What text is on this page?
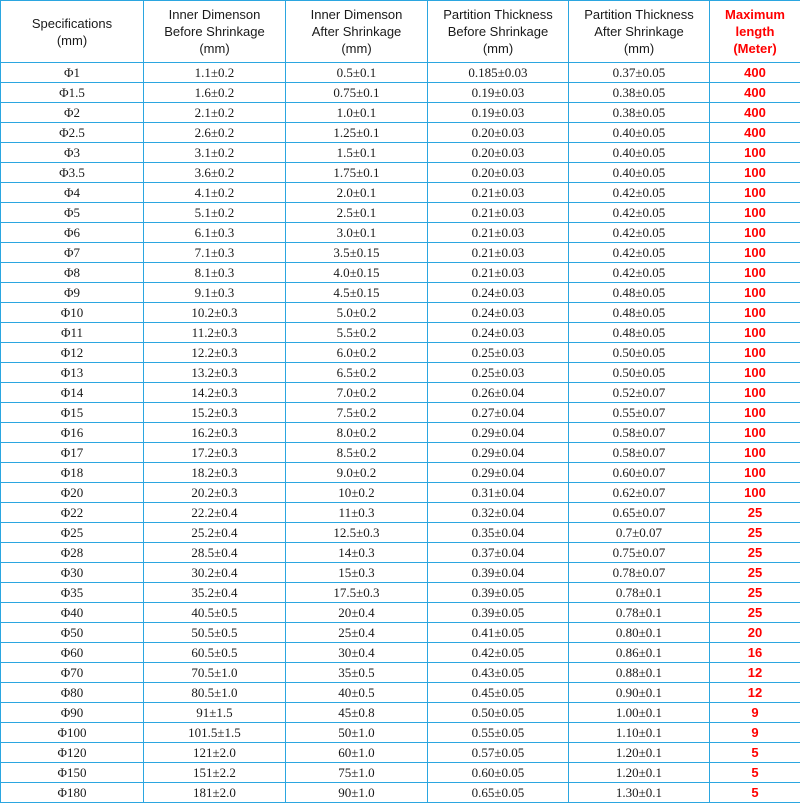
Specifications
(mm)	Inner Dimenson
Before Shrinkage
(mm)	Inner Dimenson
After Shrinkage
(mm)	Partition Thickness
Before Shrinkage
(mm)	Partition Thickness
After Shrinkage
(mm)	Maximum
length
(Meter)

Φ1	1.1±0.2	0.5±0.1	0.185±0.03	0.37±0.05	400
Φ1.5	1.6±0.2	0.75±0.1	0.19±0.03	0.38±0.05	400
Φ2	2.1±0.2	1.0±0.1	0.19±0.03	0.38±0.05	400
Φ2.5	2.6±0.2	1.25±0.1	0.20±0.03	0.40±0.05	400
Φ3	3.1±0.2	1.5±0.1	0.20±0.03	0.40±0.05	100
Φ3.5	3.6±0.2	1.75±0.1	0.20±0.03	0.40±0.05	100
Φ4	4.1±0.2	2.0±0.1	0.21±0.03	0.42±0.05	100
Φ5	5.1±0.2	2.5±0.1	0.21±0.03	0.42±0.05	100
Φ6	6.1±0.3	3.0±0.1	0.21±0.03	0.42±0.05	100
Φ7	7.1±0.3	3.5±0.15	0.21±0.03	0.42±0.05	100
Φ8	8.1±0.3	4.0±0.15	0.21±0.03	0.42±0.05	100
Φ9	9.1±0.3	4.5±0.15	0.24±0.03	0.48±0.05	100
Φ10	10.2±0.3	5.0±0.2	0.24±0.03	0.48±0.05	100
Φ11	11.2±0.3	5.5±0.2	0.24±0.03	0.48±0.05	100
Φ12	12.2±0.3	6.0±0.2	0.25±0.03	0.50±0.05	100
Φ13	13.2±0.3	6.5±0.2	0.25±0.03	0.50±0.05	100
Φ14	14.2±0.3	7.0±0.2	0.26±0.04	0.52±0.07	100
Φ15	15.2±0.3	7.5±0.2	0.27±0.04	0.55±0.07	100
Φ16	16.2±0.3	8.0±0.2	0.29±0.04	0.58±0.07	100
Φ17	17.2±0.3	8.5±0.2	0.29±0.04	0.58±0.07	100
Φ18	18.2±0.3	9.0±0.2	0.29±0.04	0.60±0.07	100
Φ20	20.2±0.3	10±0.2	0.31±0.04	0.62±0.07	100
Φ22	22.2±0.4	11±0.3	0.32±0.04	0.65±0.07	25
Φ25	25.2±0.4	12.5±0.3	0.35±0.04	0.7±0.07	25
Φ28	28.5±0.4	14±0.3	0.37±0.04	0.75±0.07	25
Φ30	30.2±0.4	15±0.3	0.39±0.04	0.78±0.07	25
Φ35	35.2±0.4	17.5±0.3	0.39±0.05	0.78±0.1	25
Φ40	40.5±0.5	20±0.4	0.39±0.05	0.78±0.1	25
Φ50	50.5±0.5	25±0.4	0.41±0.05	0.80±0.1	20
Φ60	60.5±0.5	30±0.4	0.42±0.05	0.86±0.1	16
Φ70	70.5±1.0	35±0.5	0.43±0.05	0.88±0.1	12
Φ80	80.5±1.0	40±0.5	0.45±0.05	0.90±0.1	12
Φ90	91±1.5	45±0.8	0.50±0.05	1.00±0.1	9
Φ100	101.5±1.5	50±1.0	0.55±0.05	1.10±0.1	9
Φ120	121±2.0	60±1.0	0.57±0.05	1.20±0.1	5
Φ150	151±2.2	75±1.0	0.60±0.05	1.20±0.1	5
Φ180	181±2.0	90±1.0	0.65±0.05	1.30±0.1	5
